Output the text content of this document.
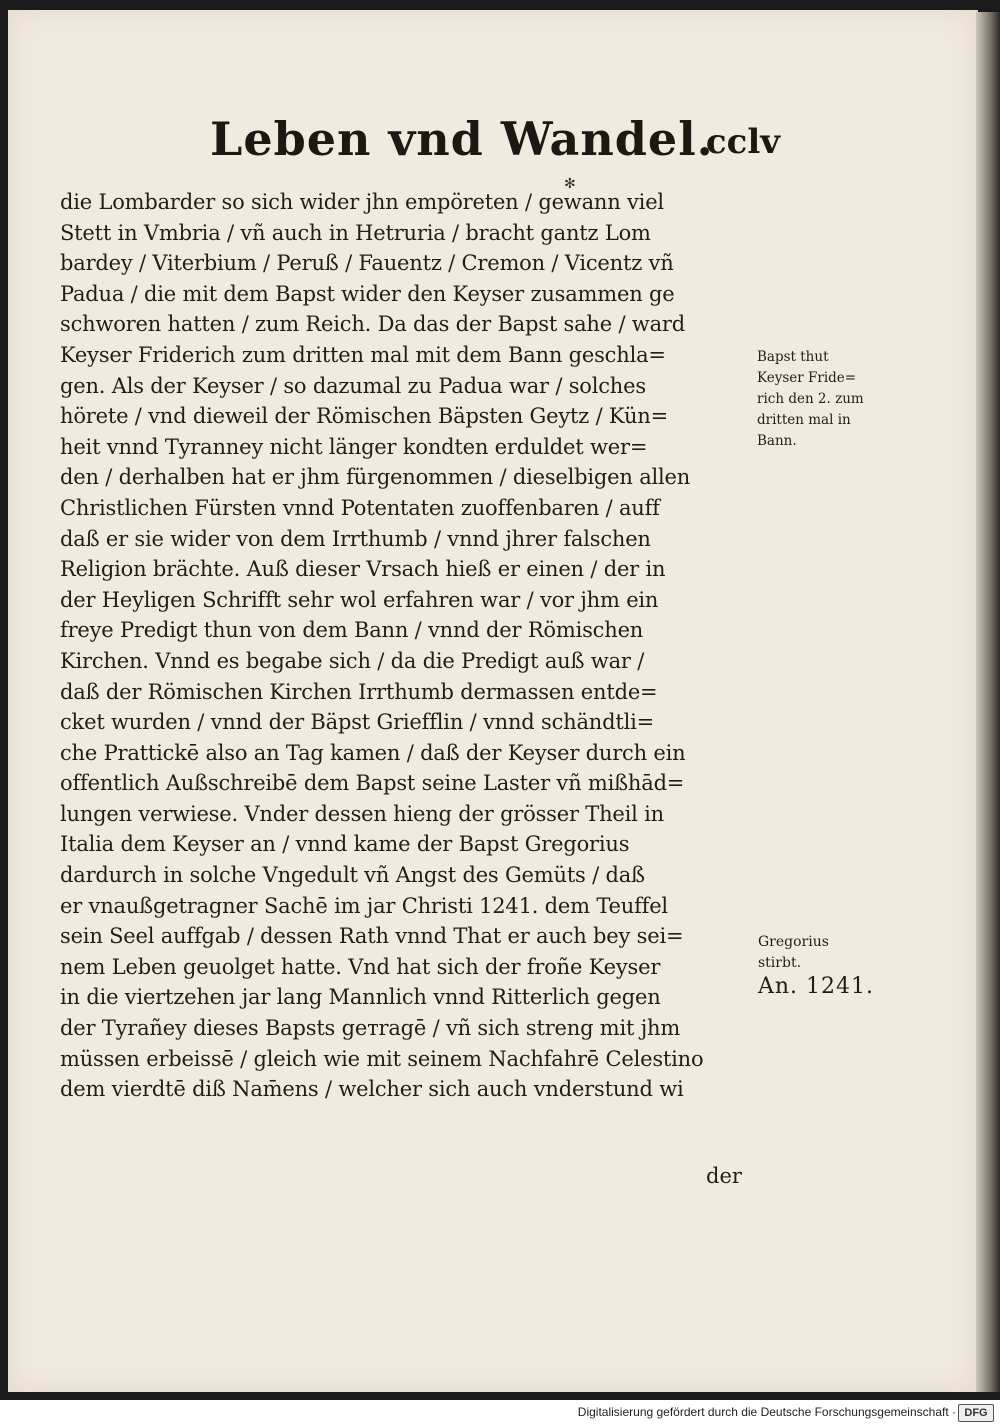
Leben vnd Wandel.
cclv
✻
die Lombarder so sich wider jhn empöreten / gewann viel
Stett in Vmbria / vñ auch in Hetruria / bracht gantz Lom
bardey / Viterbium / Peruß / Fauentz / Cremon / Vicentz vñ
Padua / die mit dem Bapst wider den Keyser zusammen ge
schworen hatten / zum Reich. Da das der Bapst sahe / ward
Keyser Friderich zum dritten mal mit dem Bann geschla=
gen. Als der Keyser / so dazumal zu Padua war / solches
hörete / vnd dieweil der Römischen Bäpsten Geytz / Kün=
heit vnnd Tyranney nicht länger kondten erduldet wer=
den / derhalben hat er jhm fürgenommen / dieselbigen allen
Christlichen Fürsten vnnd Potentaten zuoffenbaren / auff
daß er sie wider von dem Irrthumb / vnnd jhrer falschen
Religion brächte. Auß dieser Vrsach hieß er einen / der in
der Heyligen Schrifft sehr wol erfahren war / vor jhm ein
freye Predigt thun von dem Bann / vnnd der Römischen
Kirchen. Vnnd es begabe sich / da die Predigt auß war /
daß der Römischen Kirchen Irrthumb dermassen entde=
cket wurden / vnnd der Bäpst Griefflin / vnnd schändtli=
che Prattickē also an Tag kamen / daß der Keyser durch ein
offentlich Außschreibē dem Bapst seine Laster vñ mißhād=
lungen verwiese. Vnder dessen hieng der grösser Theil in
Italia dem Keyser an / vnnd kame der Bapst Gregorius
dardurch in solche Vngedult vñ Angst des Gemüts / daß
er vnaußgetragner Sachē im jar Christi 1241. dem Teuffel
sein Seel auffgab / dessen Rath vnnd That er auch bey sei=
nem Leben geuolget hatte. Vnd hat sich der froñe Keyser
in die viertzehen jar lang Mannlich vnnd Ritterlich gegen
der Tyrañey dieses Bapsts geтragē / vñ sich streng mit jhm
müssen erbeissē / gleich wie mit seinem Nachfahrē Celestino
dem vierdtē diß Nam̄ens / welcher sich auch vnderstund wi
der
Bapst thut
Keyser Fride=
rich den 2. zum
dritten mal in
Bann.
Gregorius
stirbt.
An. 1241.
Digitalisierung gefördert durch die Deutsche Forschungsgemeinschaft · DFG
